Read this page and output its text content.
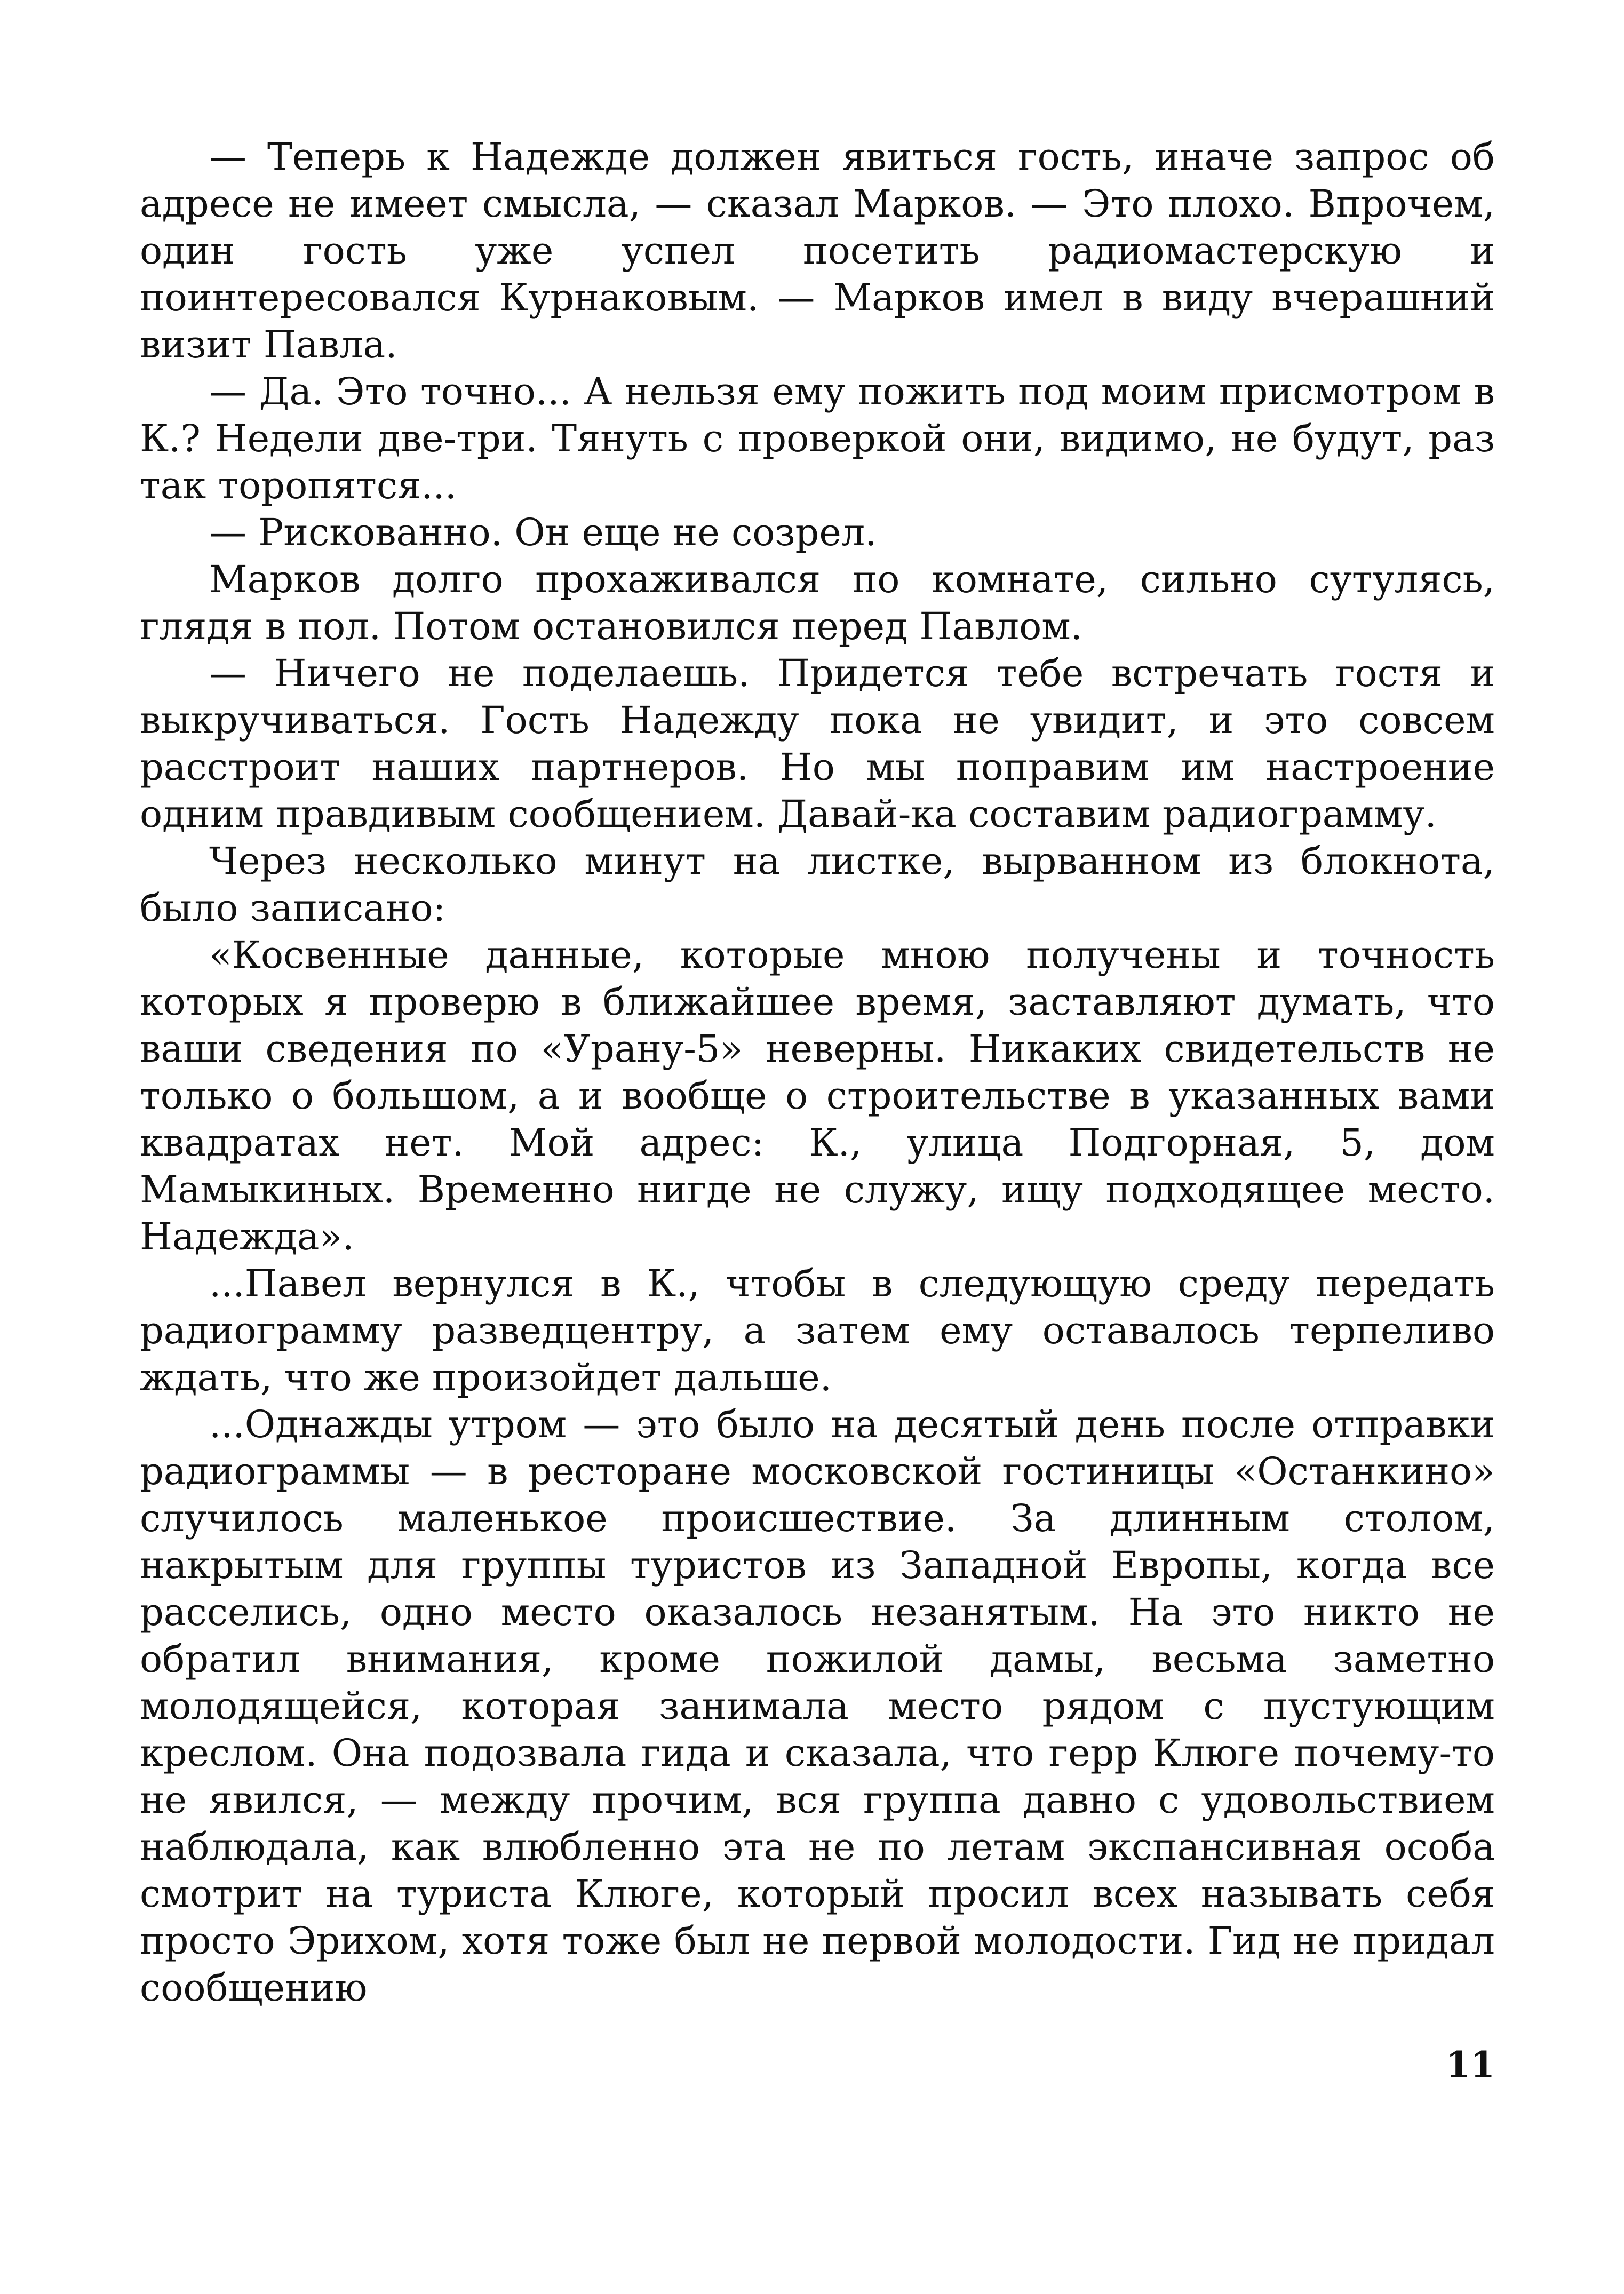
— Теперь к Надежде должен явиться гость, иначе запрос об адресе не имеет смысла, — сказал Марков. — Это плохо. Впрочем, один гость уже успел посетить радиомастерскую и поинтересовался Курнаковым. — Марков имел в виду вчерашний визит Павла.

— Да. Это точно... А нельзя ему пожить под моим присмотром в К.? Недели две-три. Тянуть с проверкой они, видимо, не будут, раз так торопятся...

— Рискованно. Он еще не созрел.

Марков долго прохаживался по комнате, сильно сутулясь, глядя в пол. Потом остановился перед Павлом.

— Ничего не поделаешь. Придется тебе встречать гостя и выкручиваться. Гость Надежду пока не увидит, и это совсем расстроит наших партнеров. Но мы поправим им настроение одним правдивым сообщением. Давай-ка составим радиограмму.

Через несколько минут на листке, вырванном из блокнота, было записано:

«Косвенные данные, которые мною получены и точность которых я проверю в ближайшее время, заставляют думать, что ваши сведения по «Урану-5» неверны. Никаких свидетельств не только о большом, а и вообще о строительстве в указанных вами квадратах нет. Мой адрес: К., улица Подгорная, 5, дом Мамыкиных. Временно нигде не служу, ищу подходящее место. Надежда».

...Павел вернулся в К., чтобы в следующую среду передать радиограмму разведцентру, а затем ему оставалось терпеливо ждать, что же произойдет дальше.

...Однажды утром — это было на десятый день после отправки радиограммы — в ресторане московской гостиницы «Останкино» случилось маленькое происшествие. За длинным столом, накрытым для группы туристов из Западной Европы, когда все расселись, одно место оказалось незанятым. На это никто не обратил внимания, кроме пожилой дамы, весьма заметно молодящейся, которая занимала место рядом с пустующим креслом. Она подозвала гида и сказала, что герр Клюге почему-то не явился, — между прочим, вся группа давно с удовольствием наблюдала, как влюбленно эта не по летам экспансивная особа смотрит на туриста Клюге, который просил всех называть себя просто Эрихом, хотя тоже был не первой молодости. Гид не придал сообщению

11
